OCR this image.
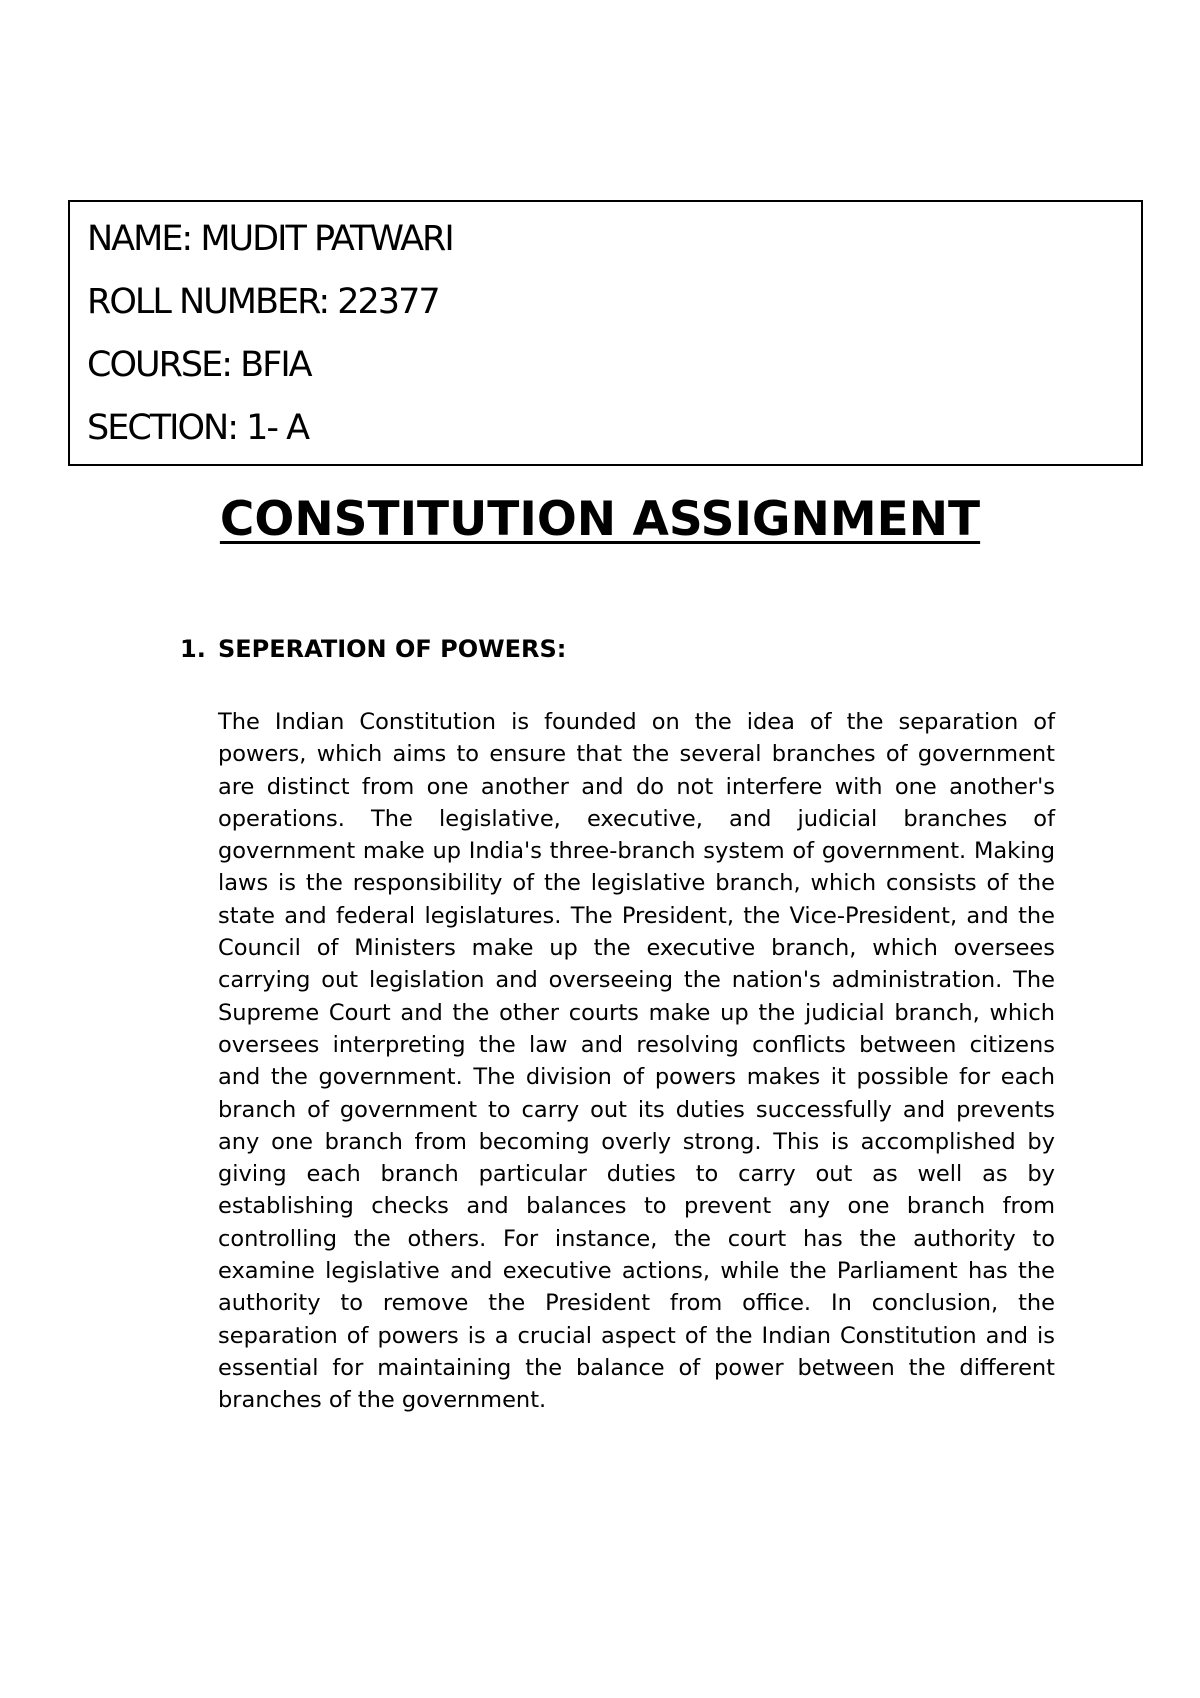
NAME: MUDIT PATWARI
ROLL NUMBER: 22377
COURSE: BFIA
SECTION: 1- A
CONSTITUTION ASSIGNMENT
1. SEPERATION OF POWERS:

The Indian Constitution is founded on the idea of the separation of powers, which aims to ensure that the several branches of government are distinct from one another and do not interfere with one another's operations. The legislative, executive, and judicial branches of government make up India's three-branch system of government. Making laws is the responsibility of the legislative branch, which consists of the state and federal legislatures. The President, the Vice-President, and the Council of Ministers make up the executive branch, which oversees carrying out legislation and overseeing the nation's administration. The Supreme Court and the other courts make up the judicial branch, which oversees interpreting the law and resolving conflicts between citizens and the government. The division of powers makes it possible for each branch of government to carry out its duties successfully and prevents any one branch from becoming overly strong. This is accomplished by giving each branch particular duties to carry out as well as by establishing checks and balances to prevent any one branch from controlling the others. For instance, the court has the authority to examine legislative and executive actions, while the Parliament has the authority to remove the President from office. In conclusion, the separation of powers is a crucial aspect of the Indian Constitution and is essential for maintaining the balance of power between the different branches of the government.
